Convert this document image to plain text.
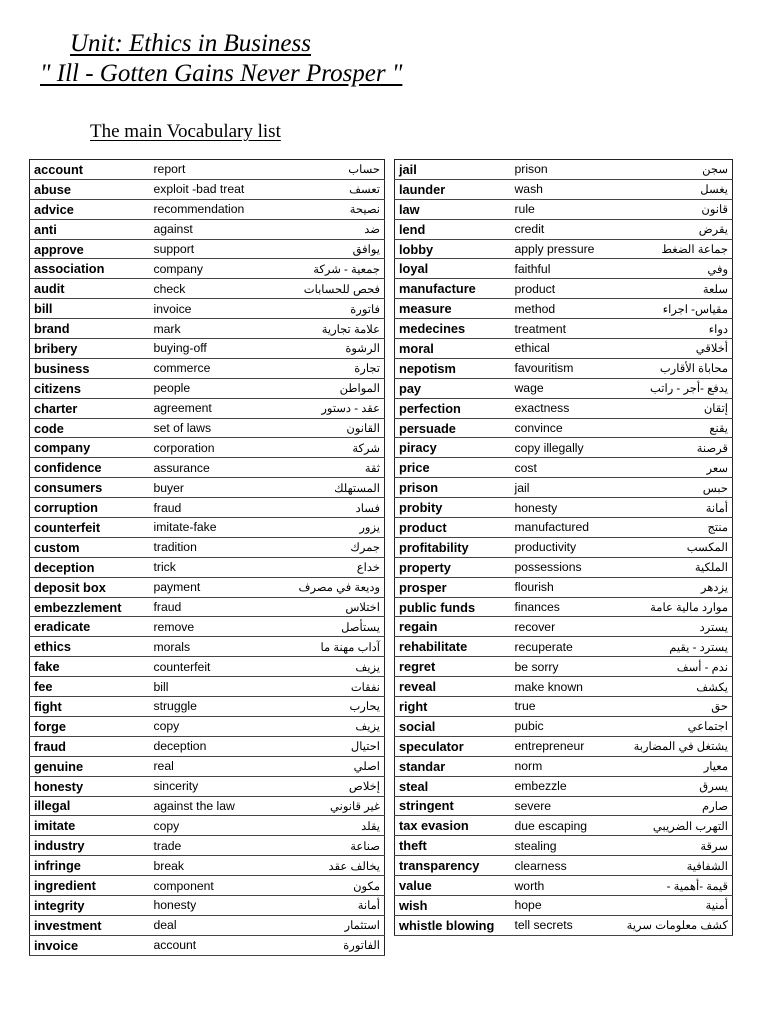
Unit: Ethics in Business
" Ill - Gotten Gains Never Prosper "
The main Vocabulary list
account	report	حساب
abuse	exploit -bad treat	تعسف
advice	recommendation	نصيحة
anti	against	ضد
approve	support	يوافق
association	company	جمعية - شركة
audit	check	فحص للحسابات
bill	invoice	فاتورة
brand	mark	علامة تجارية
bribery	buying-off	الرشوة
business	commerce	تجارة
citizens	people	المواطن
charter	agreement	عقد - دستور
code	set of laws	القانون
company	corporation	شركة
confidence	assurance	ثقة
consumers	buyer	المستهلك
corruption	fraud	فساد
counterfeit	imitate-fake	يزور
custom	tradition	جمرك
deception	trick	خداع
deposit box	payment	وديعة في مصرف
embezzlement	fraud	اختلاس
eradicate	remove	يستأصل
ethics	morals	آداب مهنة ما
fake	counterfeit	يزيف
fee	bill	نفقات
fight	struggle	يحارب
forge	copy	يزيف
fraud	deception	احتيال
genuine	real	اصلي
honesty	sincerity	إخلاص
illegal	against the law	غير قانوني
imitate	copy	يقلد
industry	trade	صناعة
infringe	break	يخالف عقد
ingredient	component	مكون
integrity	honesty	أمانة
investment	deal	استثمار
invoice	account	الفاتورة
jail	prison	سجن
launder	wash	يغسل
law	rule	قانون
lend	credit	يقرض
lobby	apply pressure	جماعة الضغط
loyal	faithful	وفي
manufacture	product	سلعة
measure	method	مقياس- اجراء
medecines	treatment	دواء
moral	ethical	أخلاقي
nepotism	favouritism	محاباة الأقارب
pay	wage	يدفع -أجر - راتب
perfection	exactness	إتقان
persuade	convince	يقنع
piracy	copy illegally	قرصنة
price	cost	سعر
prison	jail	حبس
probity	honesty	أمانة
product	manufactured	منتج
profitability	productivity	المكسب
property	possessions	الملكية
prosper	flourish	يزدهر
public funds	finances	موارد مالية عامة
regain	recover	يسترد
rehabilitate	recuperate	يسترد - يقيم
regret	be sorry	ندم - أسف
reveal	make known	يكشف
right	true	حق
social	pubic	اجتماعي
speculator	entrepreneur	يشتغل في المضاربة
standar	norm	معيار
steal	embezzle	يسرق
stringent	severe	صارم
tax evasion	due escaping	التهرب الضريبي
theft	stealing	سرقة
transparency	clearness	الشفافية
value	worth	قيمة -أهمية -
wish	hope	أمنية
whistle blowing	tell secrets	كشف معلومات سرية
